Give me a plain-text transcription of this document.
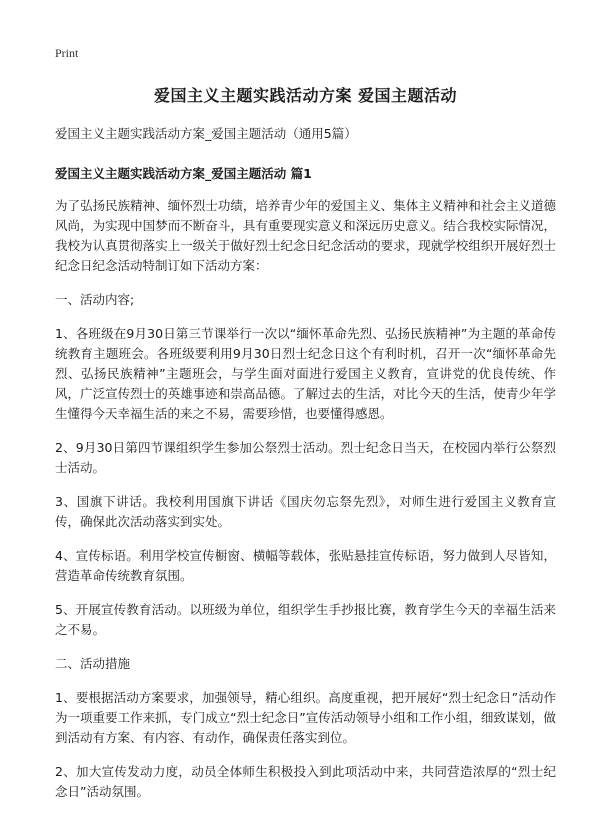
Print
爱国主义主题实践活动方案 爱国主题活动
爱国主义主题实践活动方案_爱国主题活动（通用5篇）
爱国主义主题实践活动方案_爱国主题活动 篇1

为了弘扬民族精神、缅怀烈士功绩，培养青少年的爱国主义、集体主义精神和社会主义道德风尚，为实现中国梦而不断奋斗，具有重要现实意义和深远历史意义。结合我校实际情况，我校为认真贯彻落实上一级关于做好烈士纪念日纪念活动的要求，现就学校组织开展好烈士纪念日纪念活动特制订如下活动方案：

一、活动内容;

1、各班级在9月30日第三节课举行一次以“缅怀革命先烈、弘扬民族精神”为主题的革命传统教育主题班会。各班级要利用9月30日烈士纪念日这个有利时机，召开一次“缅怀革命先烈、弘扬民族精神”主题班会，与学生面对面进行爱国主义教育，宣讲党的优良传统、作风，广泛宣传烈士的英雄事迹和崇高品德。了解过去的生活，对比今天的生活，使青少年学生懂得今天幸福生活的来之不易，需要珍惜，也要懂得感恩。

2、9月30日第四节课组织学生参加公祭烈士活动。烈士纪念日当天，在校园内举行公祭烈士活动。

3、国旗下讲话。我校利用国旗下讲话《国庆勿忘祭先烈》，对师生进行爱国主义教育宣传，确保此次活动落实到实处。

4、宣传标语。利用学校宣传橱窗、横幅等载体，张贴悬挂宣传标语，努力做到人尽皆知，营造革命传统教育氛围。

5、开展宣传教育活动。以班级为单位，组织学生手抄报比赛，教育学生今天的幸福生活来之不易。

二、活动措施

1、要根据活动方案要求，加强领导，精心组织。高度重视，把开展好“烈士纪念日”活动作为一项重要工作来抓，专门成立“烈士纪念日”宣传活动领导小组和工作小组，细致谋划，做到活动有方案、有内容、有动作，确保责任落实到位。

2、加大宣传发动力度，动员全体师生积极投入到此项活动中来，共同营造浓厚的“烈士纪念日”活动氛围。
